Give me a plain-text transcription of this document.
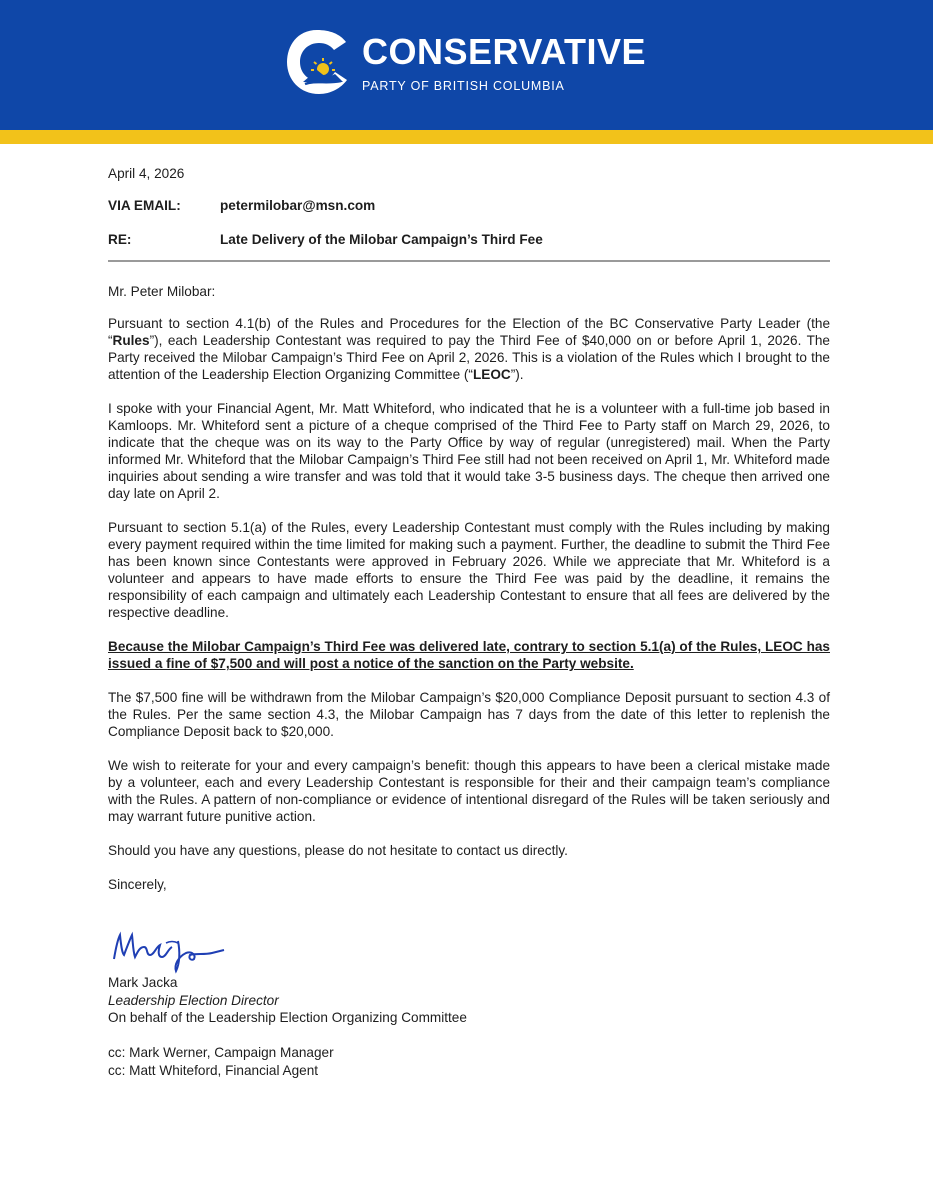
CONSERVATIVE
PARTY OF BRITISH COLUMBIA
April 4, 2026
VIA EMAIL:	petermilobar@msn.com
RE:	Late Delivery of the Milobar Campaign’s Third Fee

Mr. Peter Milobar:

Pursuant to section 4.1(b) of the Rules and Procedures for the Election of the BC Conservative Party Leader (the “Rules”), each Leadership Contestant was required to pay the Third Fee of $40,000 on or before April 1, 2026. The Party received the Milobar Campaign’s Third Fee on April 2, 2026. This is a violation of the Rules which I brought to the attention of the Leadership Election Organizing Committee (“LEOC”).

I spoke with your Financial Agent, Mr. Matt Whiteford, who indicated that he is a volunteer with a full-time job based in Kamloops. Mr. Whiteford sent a picture of a cheque comprised of the Third Fee to Party staff on March 29, 2026, to indicate that the cheque was on its way to the Party Office by way of regular (unregistered) mail. When the Party informed Mr. Whiteford that the Milobar Campaign’s Third Fee still had not been received on April 1, Mr. Whiteford made inquiries about sending a wire transfer and was told that it would take 3-5 business days. The cheque then arrived one day late on April 2.

Pursuant to section 5.1(a) of the Rules, every Leadership Contestant must comply with the Rules including by making every payment required within the time limited for making such a payment. Further, the deadline to submit the Third Fee has been known since Contestants were approved in February 2026. While we appreciate that Mr. Whiteford is a volunteer and appears to have made efforts to ensure the Third Fee was paid by the deadline, it remains the responsibility of each campaign and ultimately each Leadership Contestant to ensure that all fees are delivered by the respective deadline.

Because the Milobar Campaign’s Third Fee was delivered late, contrary to section 5.1(a) of the Rules, LEOC has issued a fine of $7,500 and will post a notice of the sanction on the Party website.

The $7,500 fine will be withdrawn from the Milobar Campaign’s $20,000 Compliance Deposit pursuant to section 4.3 of the Rules. Per the same section 4.3, the Milobar Campaign has 7 days from the date of this letter to replenish the Compliance Deposit back to $20,000.

We wish to reiterate for your and every campaign’s benefit: though this appears to have been a clerical mistake made by a volunteer, each and every Leadership Contestant is responsible for their and their campaign team’s compliance with the Rules. A pattern of non-compliance or evidence of intentional disregard of the Rules will be taken seriously and may warrant future punitive action.

Should you have any questions, please do not hesitate to contact us directly.

Sincerely,

Mark Jacka
Leadership Election Director
On behalf of the Leadership Election Organizing Committee
cc: Mark Werner, Campaign Manager
cc: Matt Whiteford, Financial Agent
